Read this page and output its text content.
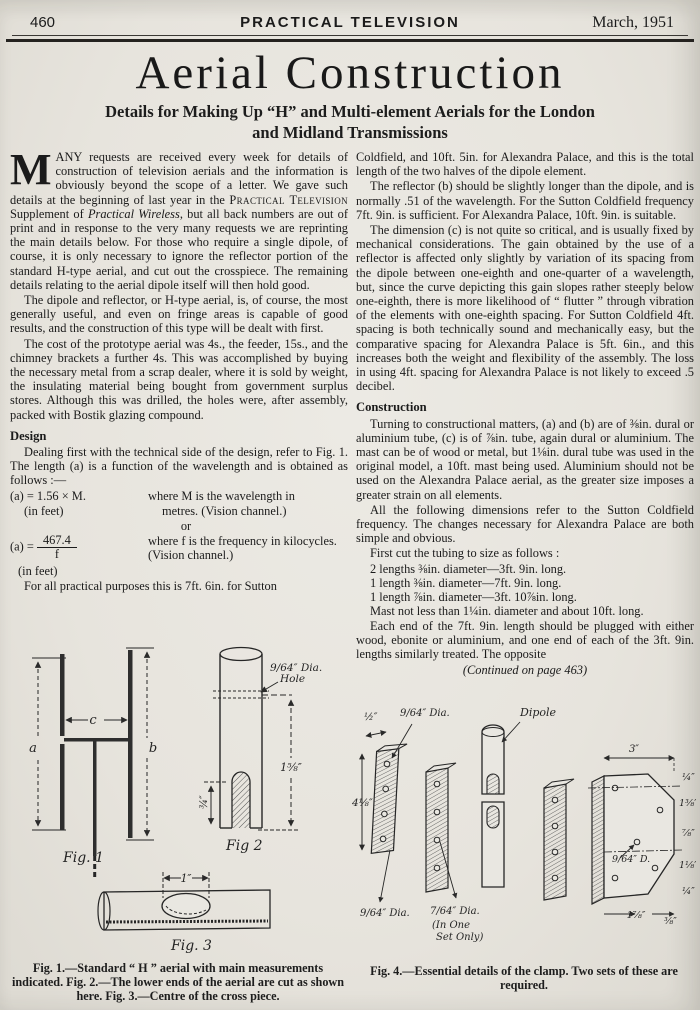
460	PRACTICAL TELEVISION	March, 1951
Aerial Construction
Details for Making Up “H” and Multi-element Aerials for the London
and Midland Transmissions

MANY requests are received every week for details of construction of television aerials and the information is obviously beyond the scope of a letter. We gave such details at the beginning of last year in the Practical Television Supplement of Practical Wireless, but all back numbers are out of print and in response to the very many requests we are reprinting the main details below. For those who require a single dipole, of course, it is only necessary to ignore the reflector portion of the standard H-type aerial, and cut out the crosspiece. The remaining details relating to the aerial dipole itself will then hold good.

The dipole and reflector, or H-type aerial, is, of course, the most generally useful, and even on fringe areas is capable of good results, and the construction of this type will be dealt with first.

The cost of the prototype aerial was 4s., the feeder, 15s., and the chimney brackets a further 4s. This was accomplished by buying the necessary metal from a scrap dealer, where it is sold by weight, the insulating material being bought from government surplus stores. Although this was drilled, the holes were, after assembly, packed with Bostik glazing compound.

Design

Dealing first with the technical side of the design, refer to Fig. 1. The length (a) is a function of the wavelength and is obtained as follows :—

(a) = 1.56 × M.	where M is the wavelength in
(in feet)	metres. (Vision channel.)

or

$(a) = \frac{467.4}{f}$	where f is the frequency in kilocycles.
(Vision channel.)
(in feet)

For all practical purposes this is 7ft. 6in. for Sutton

Coldfield, and 10ft. 5in. for Alexandra Palace, and this is the total length of the two halves of the dipole element.

The reflector (b) should be slightly longer than the dipole, and is normally .51 of the wavelength. For the Sutton Coldfield frequency 7ft. 9in. is sufficient. For Alexandra Palace, 10ft. 9in. is suitable.

The dimension (c) is not quite so critical, and is usually fixed by mechanical considerations. The gain obtained by the use of a reflector is affected only slightly by variation of its spacing from the dipole between one-eighth and one-quarter of a wavelength, but, since the curve depicting this gain slopes rather steeply below one-eighth, there is more likelihood of “ flutter ” through vibration of the elements with one-eighth spacing. For Sutton Coldfield 4ft. spacing is both technically sound and mechanically easy, but the comparative spacing for Alexandra Palace is 5ft. 6in., and this increases both the weight and flexibility of the assembly. The loss in using 4ft. spacing for Alexandra Palace is not likely to exceed .5 decibel.

Construction

Turning to constructional matters, (a) and (b) are of ⅜in. dural or aluminium tube, (c) is of ⅞in. tube, again dural or aluminium. The mast can be of wood or metal, but 1⅛in. dural tube was used in the original model, a 10ft. mast being used. Aluminium should not be used on the Alexandra Palace aerial, as the greater size imposes a greater strain on all elements.

All the following dimensions refer to the Sutton Coldfield frequency. The changes necessary for Alexandra Palace are both simple and obvious.

First cut the tubing to size as follows :

2 lengths ⅜in. diameter—3ft. 9in. long.
1 length ⅜in. diameter—7ft. 9in. long.
1 length ⅞in. diameter—3ft. 10⅞in. long.
Mast not less than 1¼in. diameter and about 10ft. long.

Each end of the 7ft. 9in. length should be plugged with either wood, ebonite or aluminium, and one end of each of the 3ft. 9in. lengths similarly treated. The opposite

(Continued on page 463)
c
a	b
Fig. 1
9/64″ Dia.
Hole
1⅝″
¾″
Fig 2
1″
Fig. 3
Fig. 1.—Standard “ H ” aerial with main measurements indicated. Fig. 2.—The lower ends of the aerial are cut as shown here. Fig. 3.—Centre of the cross piece.
½″ 9/64″ Dia.	Dipole
4⅛″
3″
¼″
1⅜″
⅞″
1⅛″
¼″
9/64″ D.
1⅞″
⅜″
9/64″ Dia. 7/64″ Dia.
(In One
Set Only)
Fig. 4.—Essential details of the clamp. Two sets of these are required.
